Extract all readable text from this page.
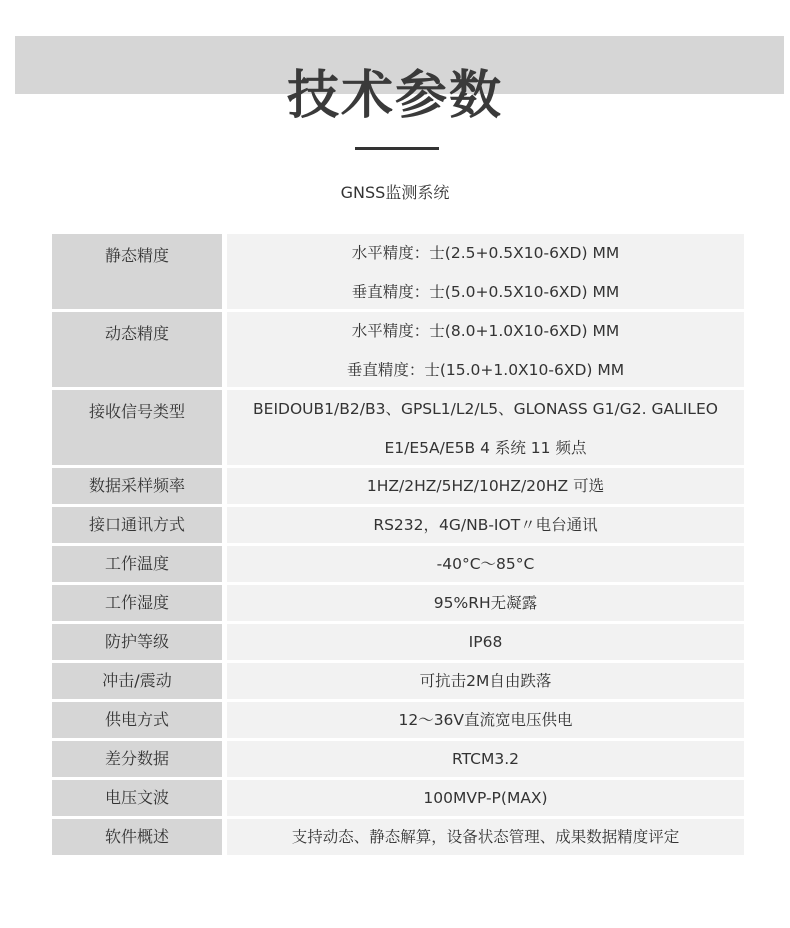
技术参数
GNSS监测系统
静态精度	水平精度：士(2.5+0.5X10-6XD) MM
垂直精度：士(5.0+0.5X10-6XD) MM
动态精度	水平精度：士(8.0+1.0X10-6XD) MM
垂直精度：士(15.0+1.0X10-6XD) MM
接收信号类型	BEIDOUB1/B2/B3、GPSL1/L2/L5、GLONASS G1/G2. GALILEO
E1/E5A/E5B 4 系统 11 频点
数据采样频率	1HZ/2HZ/5HZ/10HZ/20HZ 可选
接口通讯方式	RS232，4G/NB-IOT〃电台通讯
工作温度	-40°C～85°C
工作湿度	95%RH无凝露
防护等级	IP68
冲击/震动	可抗击2M自由跌落
供电方式	12～36V直流宽电压供电
差分数据	RTCM3.2
电压文波	100MVP-P(MAX)
软件概述	支持动态、静态解算，设备状态管理、成果数据精度评定
